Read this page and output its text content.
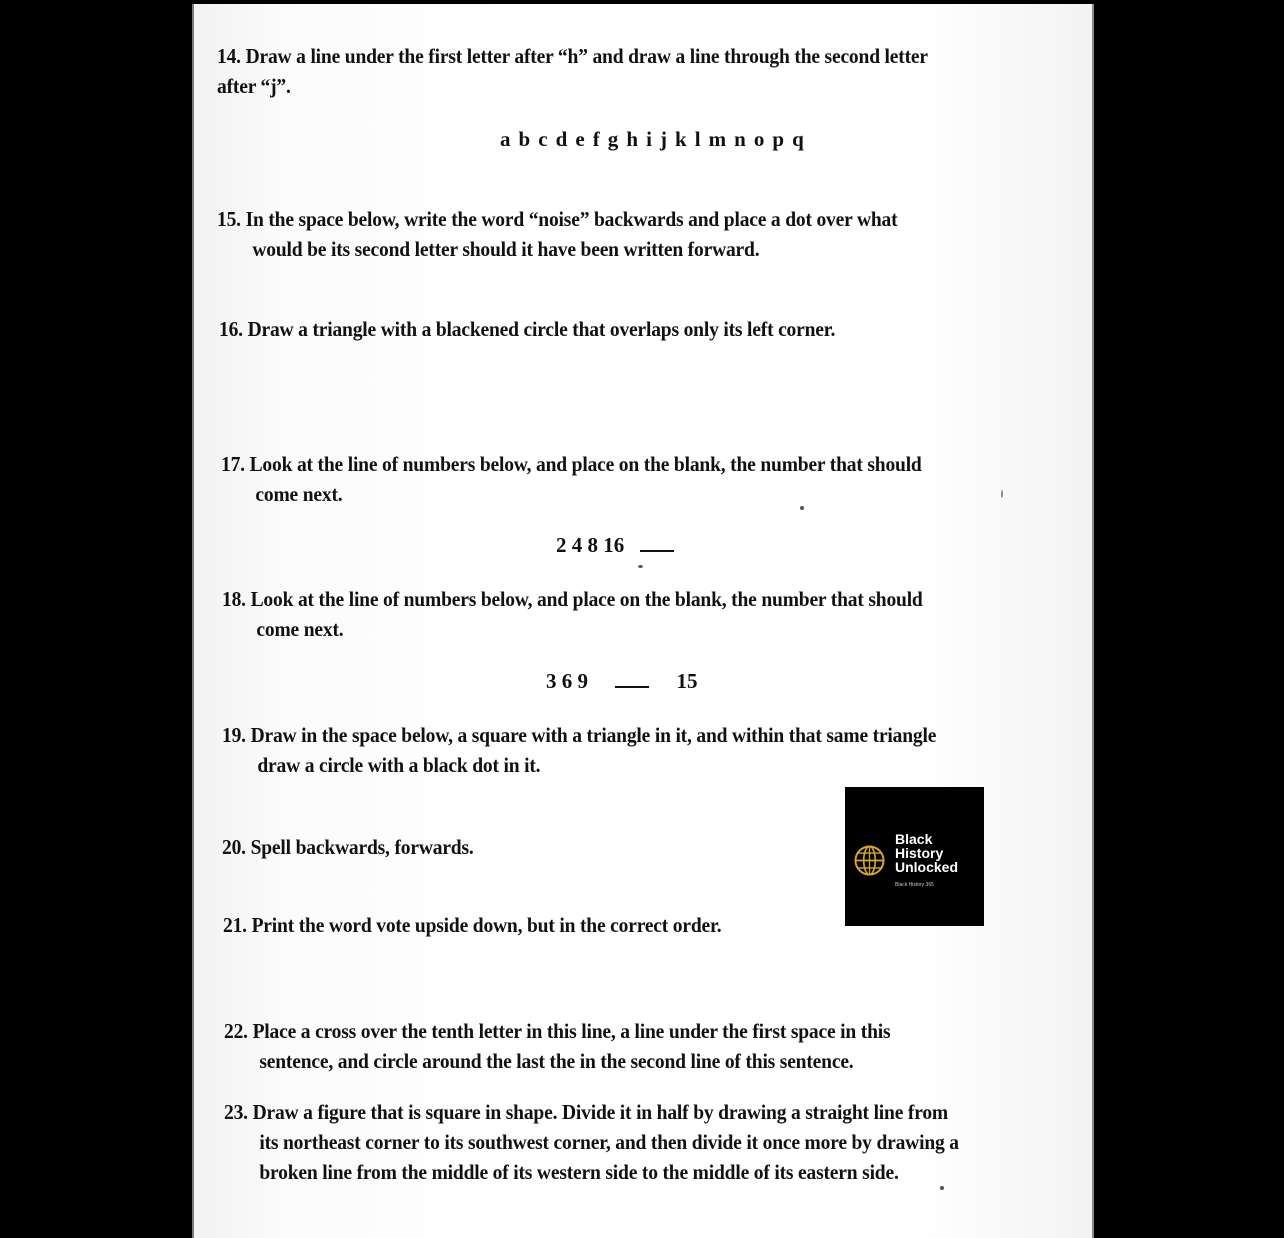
14. Draw a line under the first letter after “h” and draw a line through the second letter
after “j”.
a b c d e f g h i j k l m n o p q
15. In the space below, write the word “noise” backwards and place a dot over what
would be its second letter should it have been written forward.
16. Draw a triangle with a blackened circle that overlaps only its left corner.
17. Look at the line of numbers below, and place on the blank, the number that should
come next.
2 4 8 16
18. Look at the line of numbers below, and place on the blank, the number that should
come next.
3 6 9	15
19. Draw in the space below, a square with a triangle in it, and within that same triangle
draw a circle with a black dot in it.
20. Spell backwards, forwards.
21. Print the word vote upside down, but in the correct order.
22. Place a cross over the tenth letter in this line, a line under the first space in this
sentence, and circle around the last the in the second line of this sentence.
23. Draw a figure that is square in shape. Divide it in half by drawing a straight line from
its northeast corner to its southwest corner, and then divide it once more by drawing a
broken line from the middle of its western side to the middle of its eastern side.
Black
History
Unlocked
Black History 365
